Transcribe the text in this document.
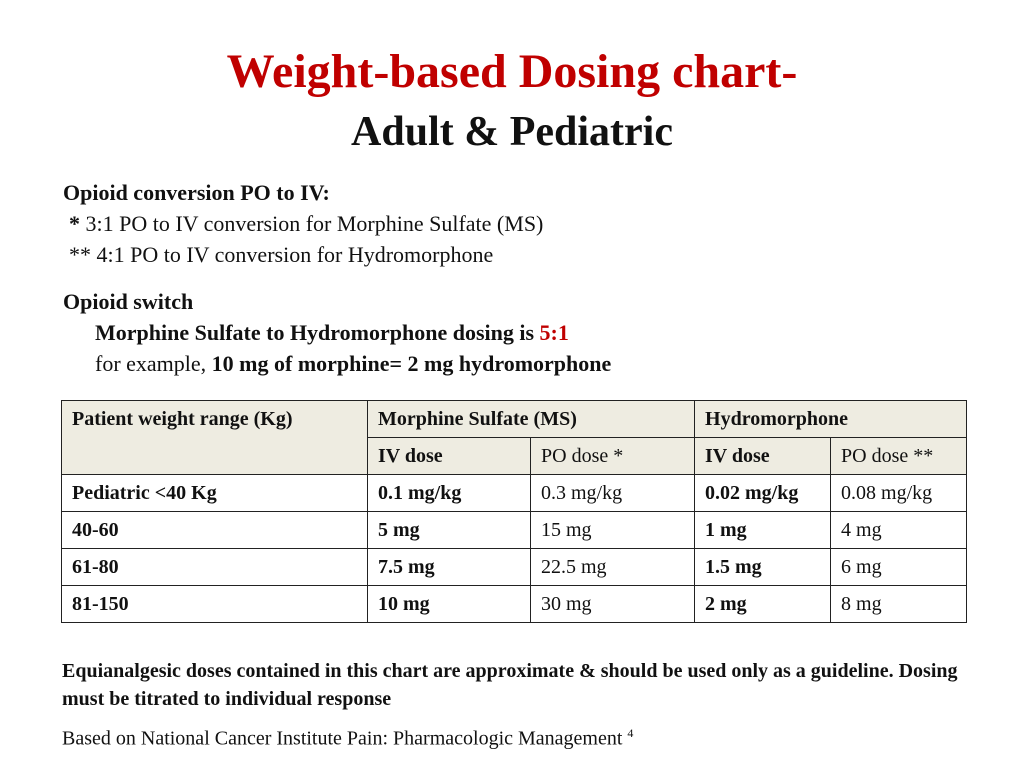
Weight-based Dosing chart-
Adult & Pediatric
Opioid conversion PO to IV:
* 3:1 PO to IV conversion for Morphine Sulfate (MS)
** 4:1 PO to IV conversion for Hydromorphone
Opioid switch
Morphine Sulfate to Hydromorphone dosing is 5:1
for example, 10 mg of morphine= 2 mg hydromorphone
Patient weight range (Kg)	Morphine Sulfate (MS)		Hydromorphone	
	IV dose	PO dose *	IV dose	PO dose **
Pediatric <40 Kg	0.1 mg/kg	0.3 mg/kg	0.02 mg/kg	0.08 mg/kg
40-60	5 mg	15 mg	1 mg	4 mg
61-80	7.5 mg	22.5 mg	1.5 mg	6 mg
81-150	10 mg	30 mg	2 mg	8 mg
Equianalgesic doses contained in this chart are approximate & should be used only as a guideline. Dosing must be titrated to individual response
Based on National Cancer Institute Pain: Pharmacologic Management $^4$
